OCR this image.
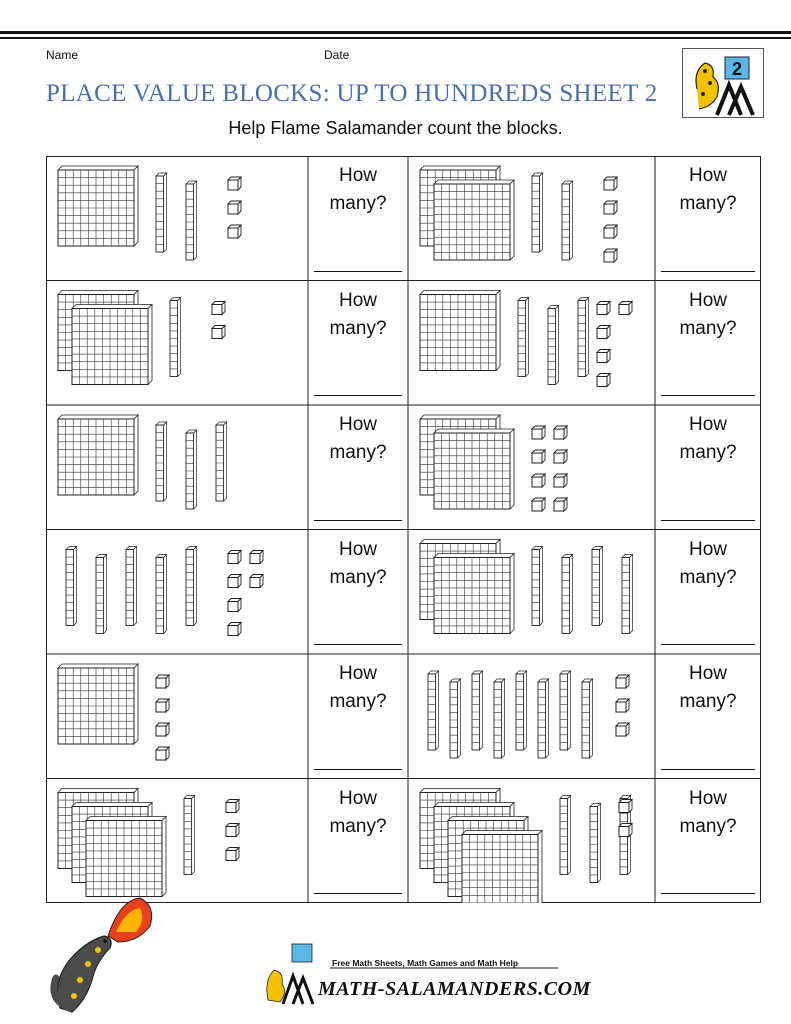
Name	Date
PLACE VALUE BLOCKS: UP TO HUNDREDS SHEET 2
Help Flame Salamander count the blocks.
2
How
many?
How
many?
How
many?
How
many?
How
many?
How
many?
How
many?
How
many?
How
many?
How
many?
How
many?
How
many?
Free Math Sheets, Math Games and Math Help
MATH-SALAMANDERS.COM
